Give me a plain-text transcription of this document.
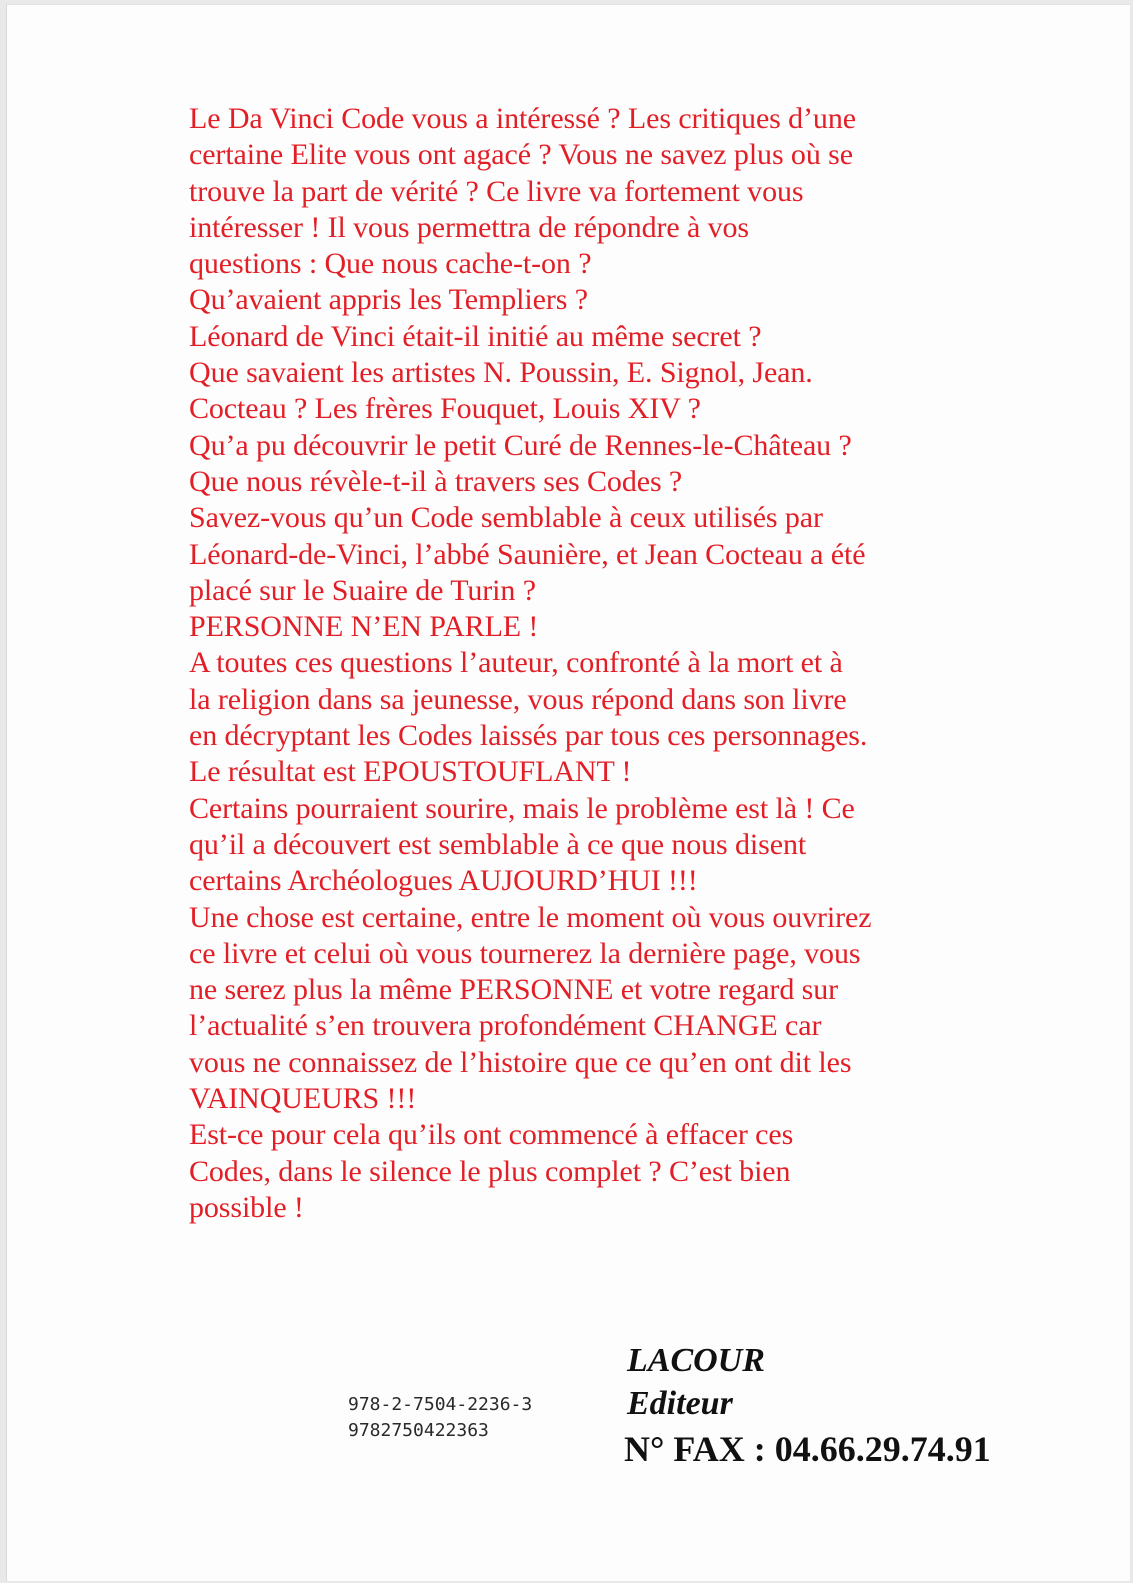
Le Da Vinci Code vous a intéressé ? Les critiques d’une
certaine Elite vous ont agacé ? Vous ne savez plus où se
trouve la part de vérité ? Ce livre va fortement vous
intéresser ! Il vous permettra de répondre à vos
questions : Que nous cache-t-on ?
Qu’avaient appris les Templiers ?
Léonard de Vinci était-il initié au même secret ?
Que savaient les artistes N. Poussin, E. Signol, Jean.
Cocteau ? Les frères Fouquet, Louis XIV ?
Qu’a pu découvrir le petit Curé de Rennes-le-Château ?
Que nous révèle-t-il à travers ses Codes ?
Savez-vous qu’un Code semblable à ceux utilisés par
Léonard-de-Vinci, l’abbé Saunière, et Jean Cocteau a été
placé sur le Suaire de Turin ?
PERSONNE N’EN PARLE !
A toutes ces questions l’auteur, confronté à la mort et à
la religion dans sa jeunesse, vous répond dans son livre
en décryptant les Codes laissés par tous ces personnages.
Le résultat est EPOUSTOUFLANT !
Certains pourraient sourire, mais le problème est là ! Ce
qu’il a découvert est semblable à ce que nous disent
certains Archéologues AUJOURD’HUI !!!
Une chose est certaine, entre le moment où vous ouvrirez
ce livre et celui où vous tournerez la dernière page, vous
ne serez plus la même PERSONNE et votre regard sur
l’actualité s’en trouvera profondément CHANGE car
vous ne connaissez de l’histoire que ce qu’en ont dit les
VAINQUEURS !!!
Est-ce pour cela qu’ils ont commencé à effacer ces
Codes, dans le silence le plus complet ? C’est bien
possible !
978-2-7504-2236-3
9782750422363
LACOUR
Editeur
N° FAX : 04.66.29.74.91
